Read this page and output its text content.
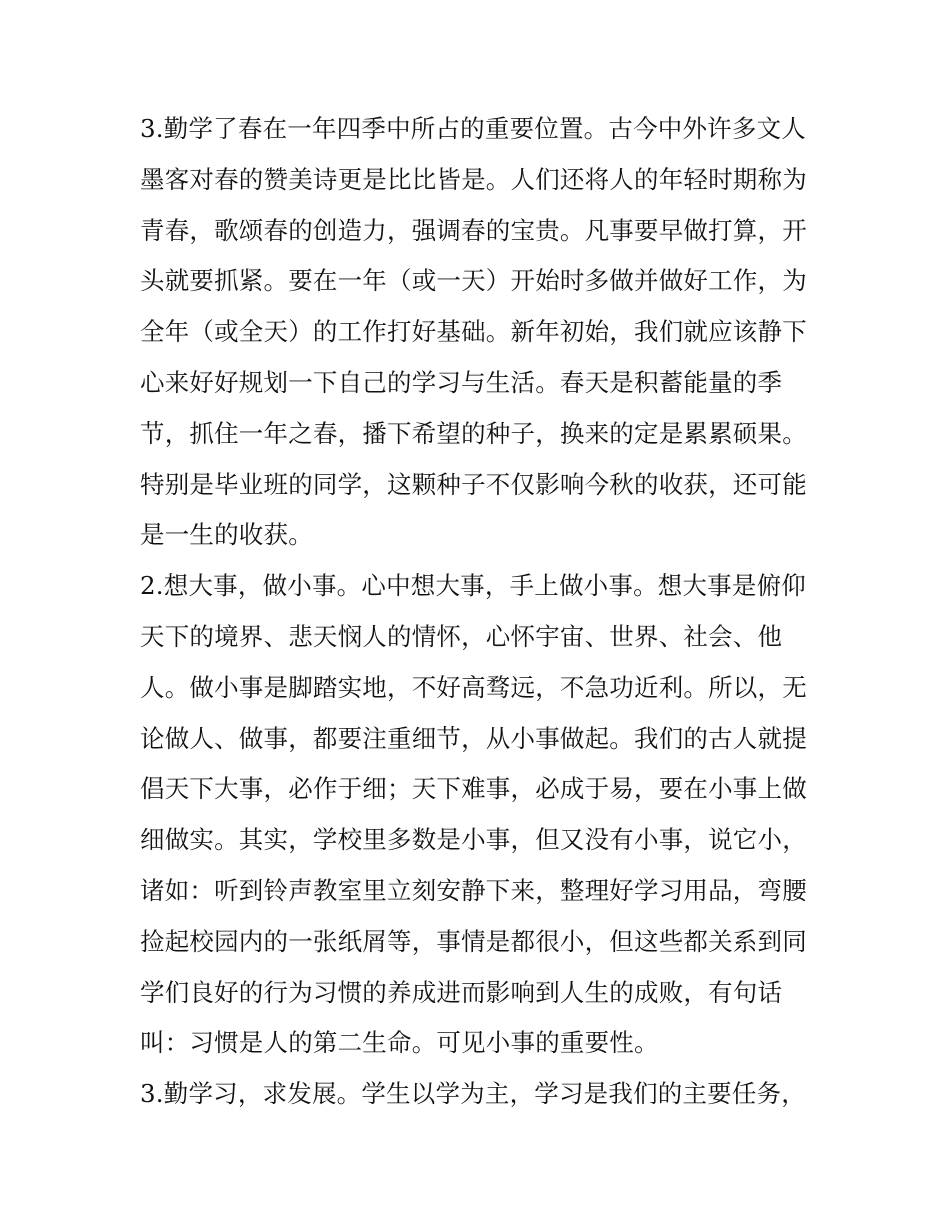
3.勤学了春在一年四季中所占的重要位置。古今中外许多文人
墨客对春的赞美诗更是比比皆是。人们还将人的年轻时期称为
青春，歌颂春的创造力，强调春的宝贵。凡事要早做打算，开
头就要抓紧。要在一年（或一天）开始时多做并做好工作，为
全年（或全天）的工作打好基础。新年初始，我们就应该静下
心来好好规划一下自己的学习与生活。春天是积蓄能量的季
节，抓住一年之春，播下希望的种子，换来的定是累累硕果。
特别是毕业班的同学，这颗种子不仅影响今秋的收获，还可能
是一生的收获。
2.想大事，做小事。心中想大事，手上做小事。想大事是俯仰
天下的境界、悲天悯人的情怀，心怀宇宙、世界、社会、他
人。做小事是脚踏实地，不好高骛远，不急功近利。所以，无
论做人、做事，都要注重细节，从小事做起。我们的古人就提
倡天下大事，必作于细；天下难事，必成于易，要在小事上做
细做实。其实，学校里多数是小事，但又没有小事，说它小，
诸如：听到铃声教室里立刻安静下来，整理好学习用品，弯腰
捡起校园内的一张纸屑等，事情是都很小，但这些都关系到同
学们良好的行为习惯的养成进而影响到人生的成败，有句话
叫：习惯是人的第二生命。可见小事的重要性。
3.勤学习，求发展。学生以学为主，学习是我们的主要任务，
